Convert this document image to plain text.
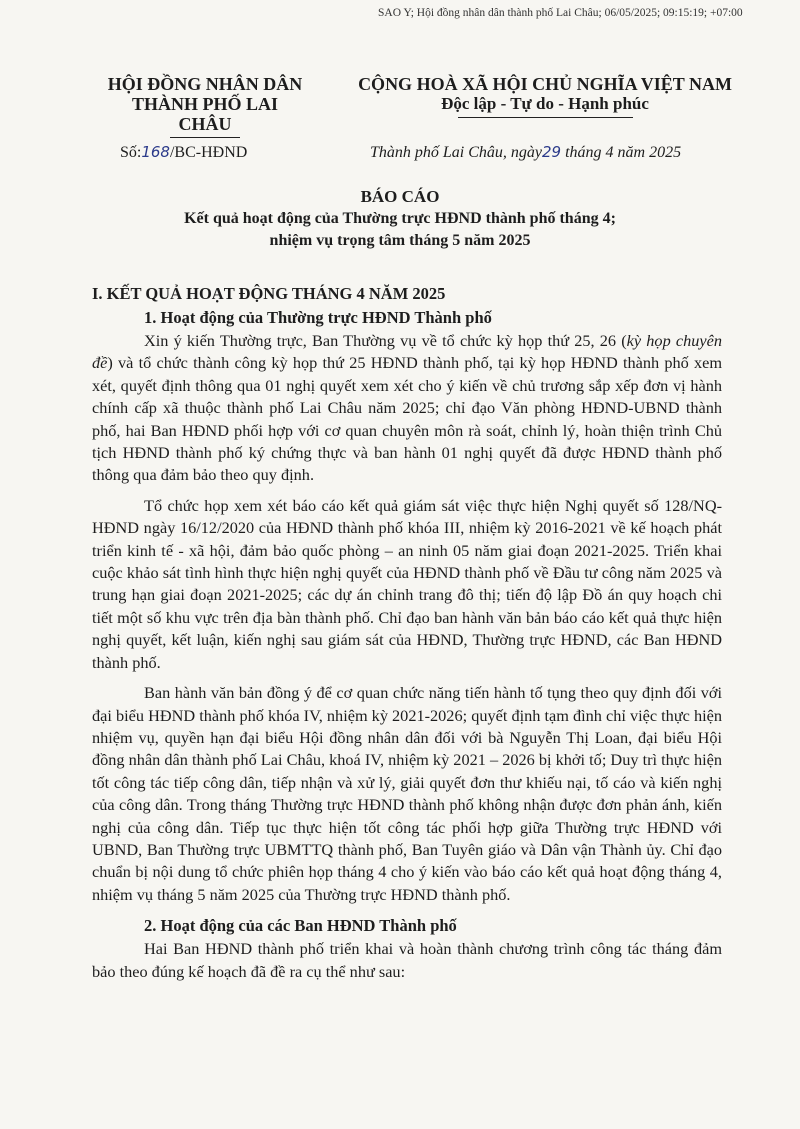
SAO Y; Hội đồng nhân dân thành phố Lai Châu; 06/05/2025; 09:15:19; +07:00
HỘI ĐỒNG NHÂN DÂN
THÀNH PHỐ LAI CHÂU
CỘNG HOÀ XÃ HỘI CHỦ NGHĨA VIỆT NAM
Độc lập - Tự do - Hạnh phúc
Số:168/BC-HĐND	Thành phố Lai Châu, ngày29 tháng 4 năm 2025
BÁO CÁO
Kết quả hoạt động của Thường trực HĐND thành phố tháng 4;
nhiệm vụ trọng tâm tháng 5 năm 2025
I. KẾT QUẢ HOẠT ĐỘNG THÁNG 4 NĂM 2025
1. Hoạt động của Thường trực HĐND Thành phố

Xin ý kiến Thường trực, Ban Thường vụ về tổ chức kỳ họp thứ 25, 26 (kỳ họp chuyên đề) và tổ chức thành công kỳ họp thứ 25 HĐND thành phố, tại kỳ họp HĐND thành phố xem xét, quyết định thông qua 01 nghị quyết xem xét cho ý kiến về chủ trương sắp xếp đơn vị hành chính cấp xã thuộc thành phố Lai Châu năm 2025; chỉ đạo Văn phòng HĐND-UBND thành phố, hai Ban HĐND phối hợp với cơ quan chuyên môn rà soát, chỉnh lý, hoàn thiện trình Chủ tịch HĐND thành phố ký chứng thực và ban hành 01 nghị quyết đã được HĐND thành phố thông qua đảm bảo theo quy định.

Tổ chức họp xem xét báo cáo kết quả giám sát việc thực hiện Nghị quyết số 128/NQ-HĐND ngày 16/12/2020 của HĐND thành phố khóa III, nhiệm kỳ 2016-2021 về kế hoạch phát triển kinh tế - xã hội, đảm bảo quốc phòng – an ninh 05 năm giai đoạn 2021-2025. Triển khai cuộc khảo sát tình hình thực hiện nghị quyết của HĐND thành phố về Đầu tư công năm 2025 và trung hạn giai đoạn 2021-2025; các dự án chỉnh trang đô thị; tiến độ lập Đồ án quy hoạch chi tiết một số khu vực trên địa bàn thành phố. Chỉ đạo ban hành văn bản báo cáo kết quả thực hiện nghị quyết, kết luận, kiến nghị sau giám sát của HĐND, Thường trực HĐND, các Ban HĐND thành phố.

Ban hành văn bản đồng ý để cơ quan chức năng tiến hành tố tụng theo quy định đối với đại biểu HĐND thành phố khóa IV, nhiệm kỳ 2021-2026; quyết định tạm đình chỉ việc thực hiện nhiệm vụ, quyền hạn đại biểu Hội đồng nhân dân đối với bà Nguyễn Thị Loan, đại biểu Hội đồng nhân dân thành phố Lai Châu, khoá IV, nhiệm kỳ 2021 – 2026 bị khởi tố; Duy trì thực hiện tốt công tác tiếp công dân, tiếp nhận và xử lý, giải quyết đơn thư khiếu nại, tố cáo và kiến nghị của công dân. Trong tháng Thường trực HĐND thành phố không nhận được đơn phản ánh, kiến nghị của công dân. Tiếp tục thực hiện tốt công tác phối hợp giữa Thường trực HĐND với UBND, Ban Thường trực UBMTTQ thành phố, Ban Tuyên giáo và Dân vận Thành ủy. Chỉ đạo chuẩn bị nội dung tổ chức phiên họp tháng 4 cho ý kiến vào báo cáo kết quả hoạt động tháng 4, nhiệm vụ tháng 5 năm 2025 của Thường trực HĐND thành phố.

2. Hoạt động của các Ban HĐND Thành phố

Hai Ban HĐND thành phố triển khai và hoàn thành chương trình công tác tháng đảm bảo theo đúng kế hoạch đã đề ra cụ thể như sau:
